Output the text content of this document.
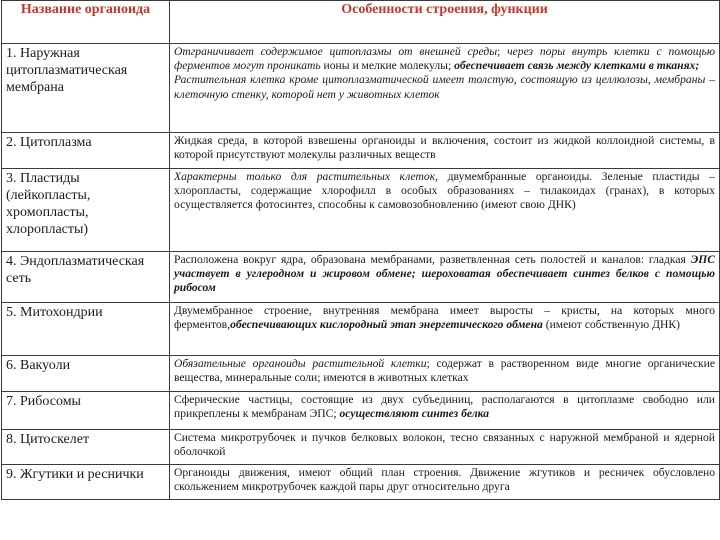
Название органоида	Особенности строения, функции
1. Наружная цитоплазматическая мембрана	Отграничивает содержимое цитоплазмы от внешней среды; через поры внутрь клетки с помощью ферментов могут проникать ионы и мелкие молекулы; обеспечивает связь между клетками в тканях;
Растительная клетка кроме цитоплазматической имеет толстую, состоящую из целлюлозы, мембраны – клеточную стенку, которой нет у животных клеток
2. Цитоплазма	Жидкая среда, в которой взвешены органоиды и включения, состоит из жидкой коллоидной системы, в которой присутствуют молекулы различных веществ
3. Пластиды (лейкопласты, хромопласты, хлоропласты)	Характерны только для растительных клеток, двумембранные органоиды. Зеленые пластиды – хлоропласты, содержащие хлорофилл в особых образованиях – тилакоидах (гранах), в которых осуществляется фотосинтез, способны к самовозобновлению (имеют свою ДНК)
4. Эндоплазматическая сеть	Расположена вокруг ядра, образована мембранами, разветвленная сеть полостей и каналов: гладкая ЭПС участвует в углеродном и жировом обмене; шероховатая обеспечивает синтез белков с помощью рибосом
5. Митохондрии	Двумембранное строение, внутренняя мембрана имеет выросты – кристы, на которых много ферментов,обеспечивающих кислородный этап энергетического обмена (имеют собственную ДНК)
6. Вакуоли	Обязательные органоиды растительной клетки; содержат в растворенном виде многие органические вещества, минеральные соли; имеются в животных клетках
7. Рибосомы	Сферические частицы, состоящие из двух субъединиц, располагаются в цитоплазме свободно или прикреплены к мембранам ЭПС; осуществляют синтез белка
8. Цитоскелет	Система микротрубочек и пучков белковых волокон, тесно связанных с наружной мембраной и ядерной оболочкой
9. Жгутики и реснички	Органоиды движения, имеют общий план строения. Движение жгутиков и ресничек обусловлено скольжением микротрубочек каждой пары друг относительно друга
